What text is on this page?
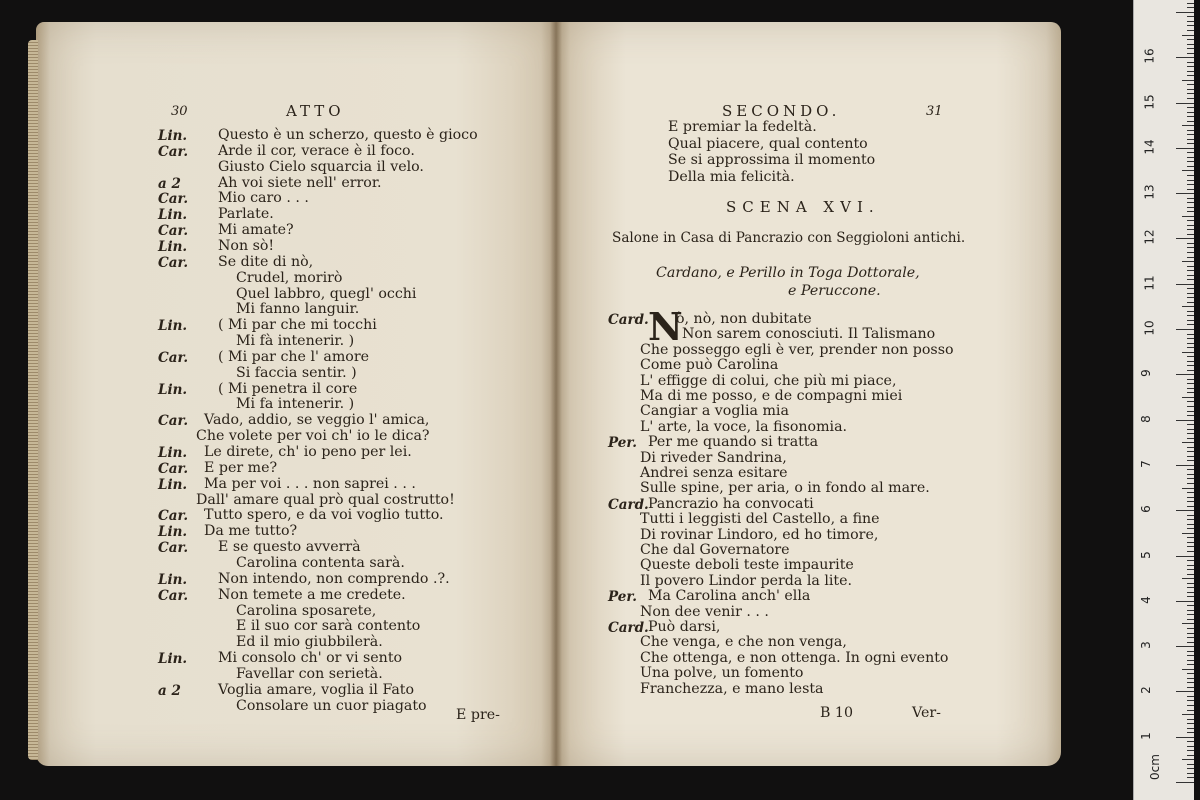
30	ATTO
Lin. Questo è un scherzo, questo è gioco
Car. Arde il cor, verace è il foco.
Giusto Cielo squarcia il velo.
a 2	Ah voi siete nell' error.
Car. Mio caro . . .
Lin. Parlate.
Car. Mi amate?
Lin. Non sò!
Car. Se dite di nò,
Crudel, morirò
Quel labbro, quegl' occhi
Mi fanno languir.
Lin. ( Mi par che mi tocchi
Mi fà intenerir. )
Car. ( Mi par che l' amore
Si faccia sentir. )
Lin. ( Mi penetra il core
Mi fa intenerir. )
Car. Vado, addio, se veggio l' amica,
Che volete per voi ch' io le dica?
Lin. Le direte, ch' io peno per lei.
Car. E per me?
Lin. Ma per voi . . . non saprei . . .
Dall' amare qual prò qual costrutto!
Car. Tutto spero, e da voi voglio tutto.
Lin. Da me tutto?
Car. E se questo avverrà
Carolina contenta sarà.
Lin. Non intendo, non comprendo .?.
Car. Non temete a me credete.
Carolina sposarete,
E il suo cor sarà contento
Ed il mio giubbilerà.
Lin. Mi consolo ch' or vi sento
Favellar con serietà.
a 2	Voglia amare, voglia il Fato
Consolare un cuor piagato
E pre-
SECONDO.	31
E premiar la fedeltà.
Qual piacere, qual contento
Se si approssima il momento
Della mia felicità.
SCENA XVI.
Salone in Casa di Pancrazio con Seggioloni antichi.
Cardano, e Perillo in Toga Dottorale,
e Peruccone.
Card. N
ò, nò, non dubitate
Non sarem conosciuti. Il Talismano
Che posseggo egli è ver, prender non posso
Come può Carolina
L' effigge di colui, che più mi piace,
Ma di me posso, e de compagni miei
Cangiar a voglia mia
L' arte, la voce, la fisonomia.
Per. Per me quando si tratta
Di riveder Sandrina,
Andrei senza esitare
Sulle spine, per aria, o in fondo al mare.
Card. Pancrazio ha convocati
Tutti i leggisti del Castello, a fine
Di rovinar Lindoro, ed ho timore,
Che dal Governatore
Queste deboli teste impaurite
Il povero Lindor perda la lite.
Per. Ma Carolina anch' ella
Non dee venir . . .
Card. Può darsi,
Che venga, e che non venga,
Che ottenga, e non ottenga. In ogni evento
Una polve, un fomento
Franchezza, e mano lesta
B 10	Ver-
1
2
3
4
5
6
7
8
9
10
11
12
13
14
15
16
0cm
